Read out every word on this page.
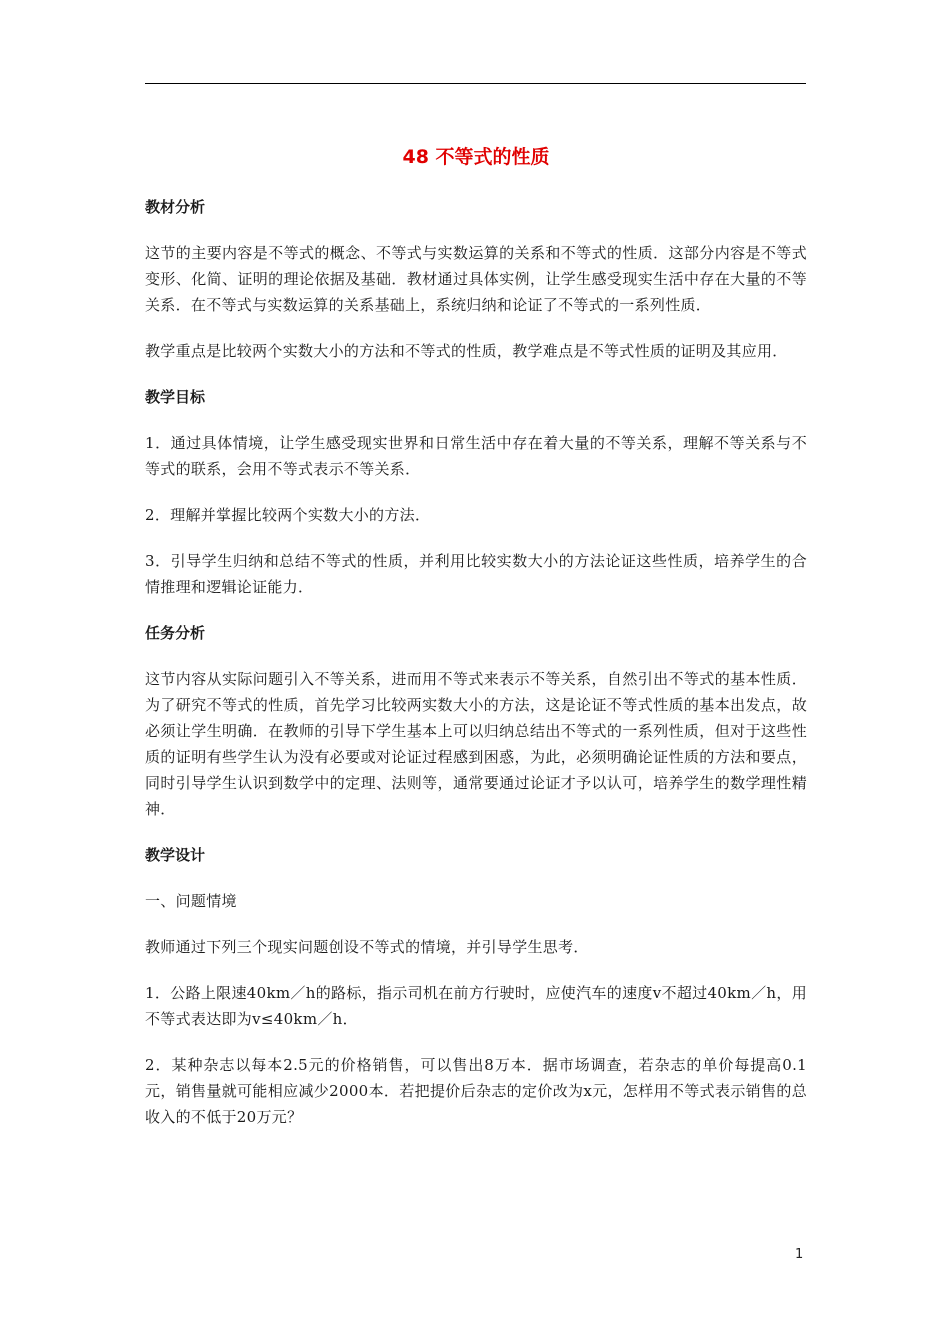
48 不等式的性质
教材分析

这节的主要内容是不等式的概念、不等式与实数运算的关系和不等式的性质．这部分内容是不等式变形、化简、证明的理论依据及基础．教材通过具体实例，让学生感受现实生活中存在大量的不等关系．在不等式与实数运算的关系基础上，系统归纳和论证了不等式的一系列性质．

教学重点是比较两个实数大小的方法和不等式的性质，教学难点是不等式性质的证明及其应用．

教学目标

1．通过具体情境，让学生感受现实世界和日常生活中存在着大量的不等关系，理解不等关系与不等式的联系，会用不等式表示不等关系．

2．理解并掌握比较两个实数大小的方法．

3．引导学生归纳和总结不等式的性质，并利用比较实数大小的方法论证这些性质，培养学生的合情推理和逻辑论证能力．

任务分析

这节内容从实际问题引入不等关系，进而用不等式来表示不等关系，自然引出不等式的基本性质．为了研究不等式的性质，首先学习比较两实数大小的方法，这是论证不等式性质的基本出发点，故必须让学生明确．在教师的引导下学生基本上可以归纳总结出不等式的一系列性质，但对于这些性质的证明有些学生认为没有必要或对论证过程感到困惑，为此，必须明确论证性质的方法和要点，同时引导学生认识到数学中的定理、法则等，通常要通过论证才予以认可，培养学生的数学理性精神．

教学设计

一、问题情境

教师通过下列三个现实问题创设不等式的情境，并引导学生思考．

1．公路上限速40km／h的路标，指示司机在前方行驶时，应使汽车的速度v不超过40km／h，用不等式表达即为v≤40km／h．

2．某种杂志以每本2.5元的价格销售，可以售出8万本．据市场调查，若杂志的单价每提高0.1元，销售量就可能相应减少2000本．若把提价后杂志的定价改为x元，怎样用不等式表示销售的总收入的不低于20万元？

1
